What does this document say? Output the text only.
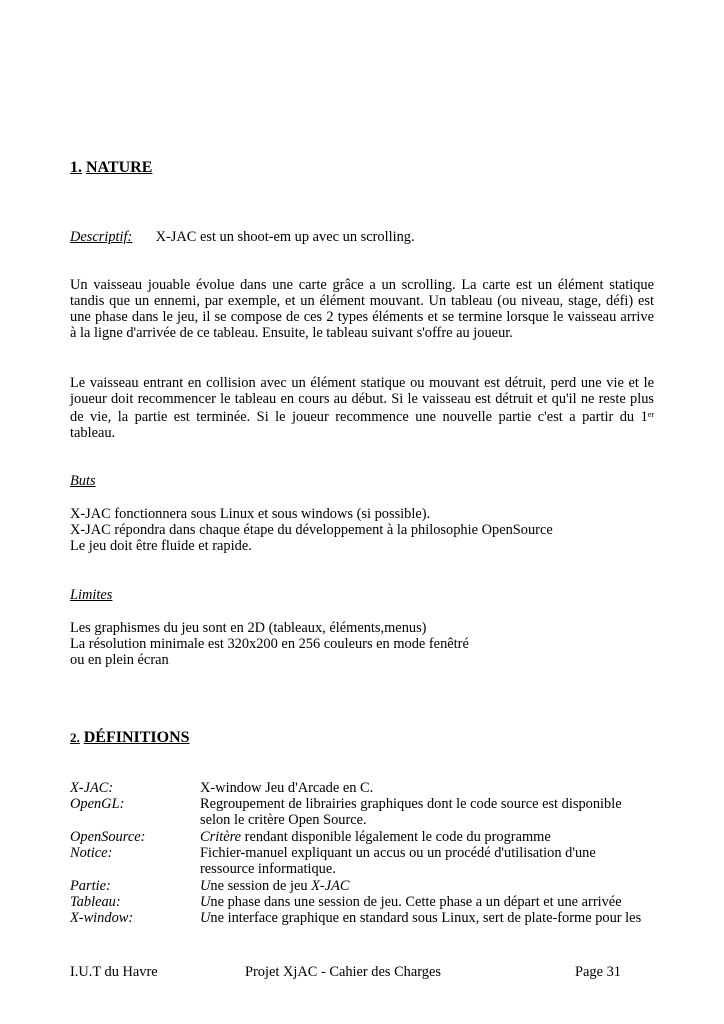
1. NATURE
Descriptif: X-JAC est un shoot-em up avec un scrolling.
Un vaisseau jouable évolue dans une carte grâce a un scrolling. La carte est un élément statique
tandis que un ennemi, par exemple, et un élément mouvant. Un tableau (ou niveau, stage, défi) est
une phase dans le jeu, il se compose de ces 2 types éléments et se termine lorsque le vaisseau arrive
à la ligne d'arrivée de ce tableau. Ensuite, le tableau suivant s'offre au joueur.
Le vaisseau entrant en collision avec un élément statique ou mouvant est détruit, perd une vie et le
joueur doit recommencer le tableau en cours au début. Si le vaisseau est détruit et qu'il ne reste plus
de vie, la partie est terminée. Si le joueur recommence une nouvelle partie c'est a partir du 1er
tableau.
Buts
X-JAC fonctionnera sous Linux et sous windows (si possible).
X-JAC répondra dans chaque étape du développement à la philosophie OpenSource
Le jeu doit être fluide et rapide.
Limites
Les graphismes du jeu sont en 2D (tableaux, éléments,menus)
La résolution minimale est 320x200 en 256 couleurs en mode fenêtré
ou en plein écran
2. DÉFINITIONS
X-JAC:	X-window Jeu d'Arcade en C.
OpenGL:	Regroupement de librairies graphiques dont le code source est disponible
selon le critère Open Source.
OpenSource:	Critère rendant disponible légalement le code du programme
Notice:	Fichier-manuel expliquant un accus ou un procédé d'utilisation d'une
ressource informatique.
Partie:	Une session de jeu X-JAC
Tableau:	Une phase dans une session de jeu. Cette phase a un départ et une arrivée
X-window:	Une interface graphique en standard sous Linux, sert de plate-forme pour les
I.U.T du Havre	Projet XjAC - Cahier des Charges	Page 31
